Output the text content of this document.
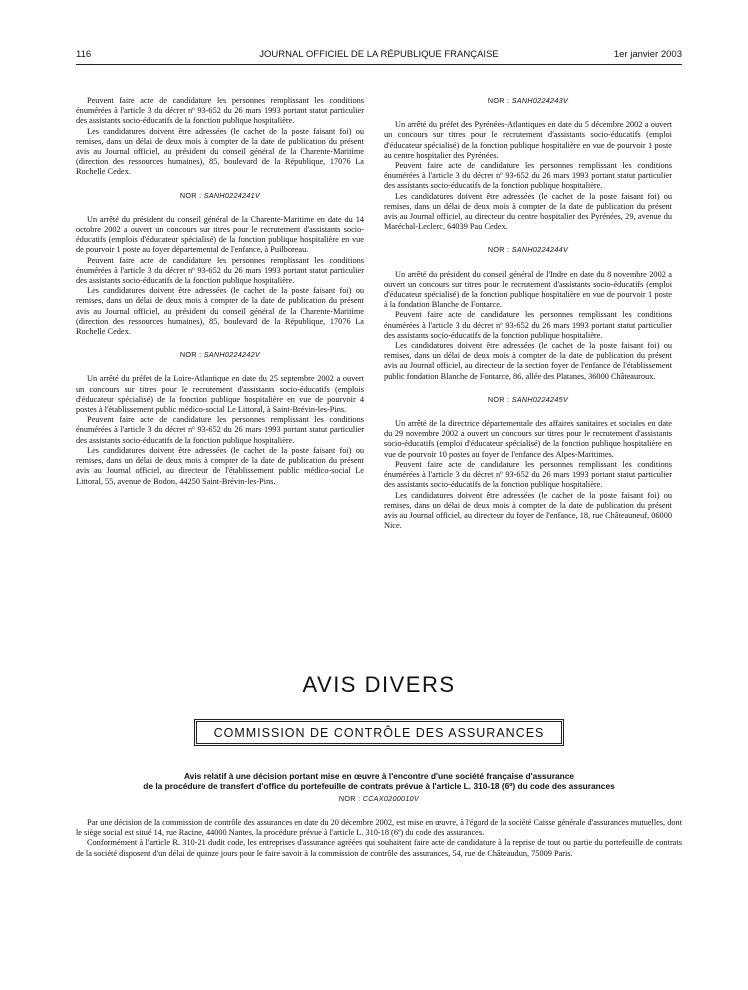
116	JOURNAL OFFICIEL DE LA RÉPUBLIQUE FRANÇAISE	1er janvier 2003

Peuvent faire acte de candidature les personnes remplissant les conditions énumérées à l'article 3 du décret nº 93-652 du 26 mars 1993 portant statut particulier des assistants socio-éducatifs de la fonction publique hospitalière.

Les candidatures doivent être adressées (le cachet de la poste faisant foi) ou remises, dans un délai de deux mois à compter de la date de publication du présent avis au Journal officiel, au président du conseil général de la Charente-Maritime (direction des ressources humaines), 85, boulevard de la République, 17076 La Rochelle Cedex.

NOR : SANH0224241V

Un arrêté du président du conseil général de la Charente-Maritime en date du 14 octobre 2002 a ouvert un concours sur titres pour le recrutement d'assistants socio-éducatifs (emplois d'éducateur spécialisé) de la fonction publique hospitalière en vue de pourvoir 1 poste au foyer départemental de l'enfance, à Puilboreau.

Peuvent faire acte de candidature les personnes remplissant les conditions énumérées à l'article 3 du décret nº 93-652 du 26 mars 1993 portant statut particulier des assistants socio-éducatifs de la fonction publique hospitalière.

Les candidatures doivent être adressées (le cachet de la poste faisant foi) ou remises, dans un délai de deux mois à compter de la date de publication du présent avis au Journal officiel, au président du conseil général de la Charente-Maritime (direction des ressources humaines), 85, boulevard de la République, 17076 La Rochelle Cedex.

NOR : SANH0224242V

Un arrêté du préfet de la Loire-Atlantique en date du 25 septembre 2002 a ouvert un concours sur titres pour le recrutement d'assistants socio-éducatifs (emplois d'éducateur spécialisé) de la fonction publique hospitalière en vue de pourvoir 4 postes à l'établissement public médico-social Le Littoral, à Saint-Brévin-les-Pins.

Peuvent faire acte de candidature les personnes remplissant les conditions énumérées à l'article 3 du décret nº 93-652 du 26 mars 1993 portant statut particulier des assistants socio-éducatifs de la fonction publique hospitalière.

Les candidatures doivent être adressées (le cachet de la poste faisant foi) ou remises, dans un délai de deux mois à compter de la date de publication du présent avis au Journal officiel, au directeur de l'établissement public médico-social Le Littoral, 55, avenue de Bodon, 44250 Saint-Brévin-les-Pins.

NOR : SANH0224243V

Un arrêté du préfet des Pyrénées-Atlantiques en date du 5 décembre 2002 a ouvert un concours sur titres pour le recrutement d'assistants socio-éducatifs (emploi d'éducateur spécialisé) de la fonction publique hospitalière en vue de pourvoir 1 poste au centre hospitalier des Pyrénées.

Peuvent faire acte de candidature les personnes remplissant les conditions énumérées à l'article 3 du décret nº 93-652 du 26 mars 1993 portant statut particulier des assistants socio-éducatifs de la fonction publique hospitalière.

Les candidatures doivent être adressées (le cachet de la poste faisant foi) ou remises, dans un délai de deux mois à compter de la date de publication du présent avis au Journal officiel, au directeur du centre hospitalier des Pyrénées, 29, avenue du Maréchal-Leclerc, 64039 Pau Cedex.

NOR : SANH0224244V

Un arrêté du président du conseil général de l'Indre en date du 8 novembre 2002 a ouvert un concours sur titres pour le recrutement d'assistants socio-éducatifs (emploi d'éducateur spécialisé) de la fonction publique hospitalière en vue de pourvoir 1 poste à la fondation Blanche de Fontarce.

Peuvent faire acte de candidature les personnes remplissant les conditions énumérées à l'article 3 du décret nº 93-652 du 26 mars 1993 portant statut particulier des assistants socio-éducatifs de la fonction publique hospitalière.

Les candidatures doivent être adressées (le cachet de la poste faisant foi) ou remises, dans un délai de deux mois à compter de la date de publication du présent avis au Journal officiel, au directeur de la section foyer de l'enfance de l'établissement public fondation Blanche de Fontarce, 86, allée des Platanes, 36000 Châteauroux.

NOR : SANH0224245V

Un arrêté de la directrice départementale des affaires sanitaires et sociales en date du 29 novembre 2002 a ouvert un concours sur titres pour le recrutement d'assistants socio-éducatifs (emploi d'éducateur spécialisé) de la fonction publique hospitalière en vue de pourvoir 10 postes au foyer de l'enfance des Alpes-Maritimes.

Peuvent faire acte de candidature les personnes remplissant les conditions énumérées à l'article 3 du décret nº 93-652 du 26 mars 1993 portant statut particulier des assistants socio-éducatifs de la fonction publique hospitalière.

Les candidatures doivent être adressées (le cachet de la poste faisant foi) ou remises, dans un délai de deux mois à compter de la date de publication du présent avis au Journal officiel, au directeur du foyer de l'enfance, 18, rue Châteauneuf, 06000 Nice.

AVIS DIVERS
COMMISSION DE CONTRÔLE DES ASSURANCES
Avis relatif à une décision portant mise en œuvre à l'encontre d'une société française d'assurance
de la procédure de transfert d'office du portefeuille de contrats prévue à l'article L. 310-18 (6º) du code des assurances
NOR : CCAX0200010V

Par une décision de la commission de contrôle des assurances en date du 20 décembre 2002, est mise en œuvre, à l'égard de la société Caisse générale d'assurances mutuelles, dont le siège social est situé 14, rue Racine, 44000 Nantes, la procédure prévue à l'article L. 310-18 (6º) du code des assurances.

Conformément à l'article R. 310-21 dudit code, les entreprises d'assurance agréées qui souhaitent faire acte de candidature à la reprise de tout ou partie du portefeuille de contrats de la société disposent d'un délai de quinze jours pour le faire savoir à la commission de contrôle des assurances, 54, rue de Châteaudun, 75009 Paris.
